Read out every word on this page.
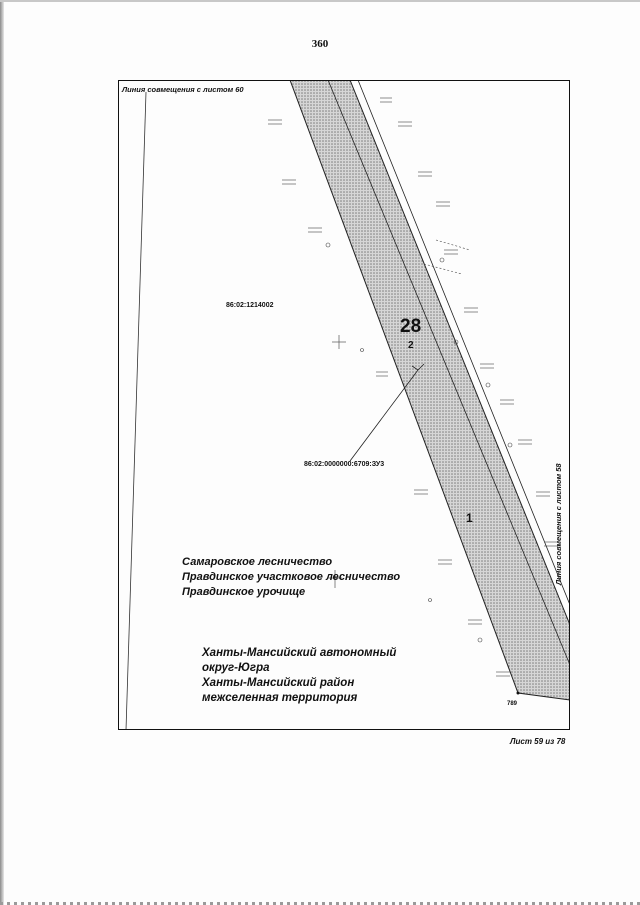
360
Линия совмещения с листом 60
Линия совмещения с листом 58
86:02:1214002
86:02:0000000:6709:ЗУ3
28
2
1
789
Самаровское лесничество
Правдинское участковое лесничество
Правдинское урочище
Ханты-Мансийский автономный
округ-Югра
Ханты-Мансийский район
межселенная территория
Лист 59 из 78
